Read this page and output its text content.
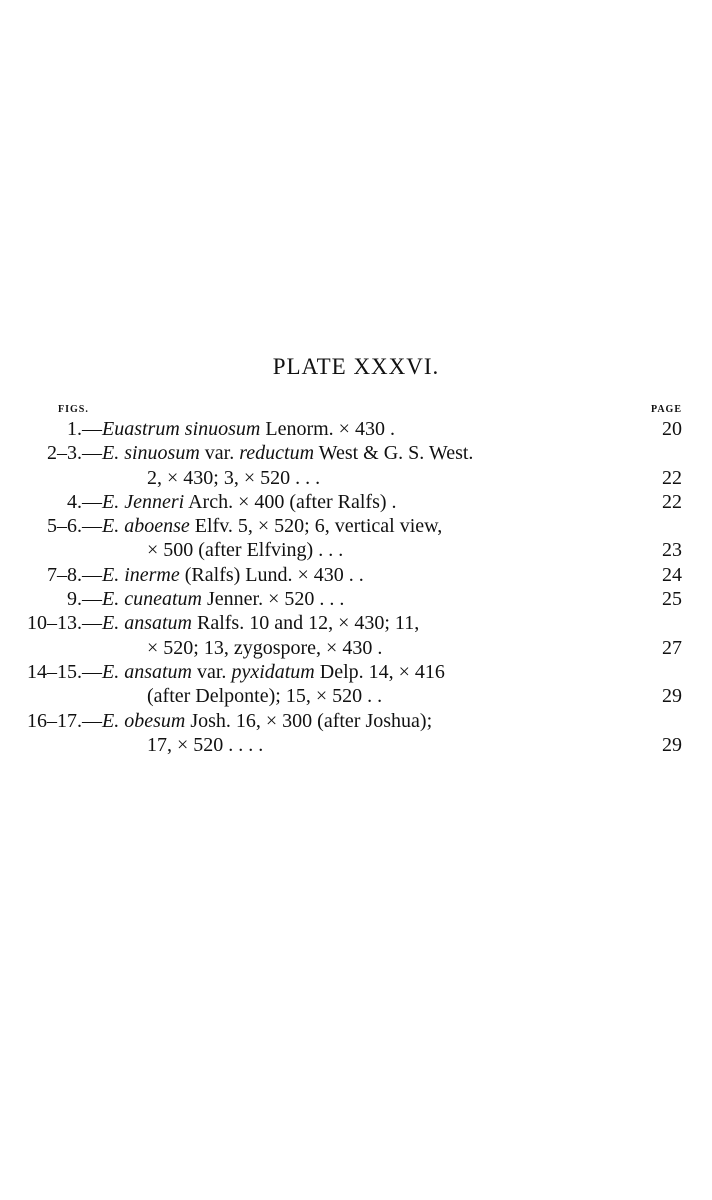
PLATE XXXVI.
FIGS.	PAGE
1.— Euastrum sinuosum Lenorm. × 430 .	20
2–3.— E. sinuosum var. reductum West & G. S. West.
2, × 430; 3, × 520 . . .	22
4.— E. Jenneri Arch. × 400 (after Ralfs) .	22
5–6.— E. aboense Elfv. 5, × 520; 6, vertical view,
× 500 (after Elfving) . . .	23
7–8.— E. inerme (Ralfs) Lund. × 430 . .	24
9.— E. cuneatum Jenner. × 520 . . .	25
10–13.— E. ansatum Ralfs. 10 and 12, × 430; 11,
× 520; 13, zygospore, × 430 .	27
14–15.— E. ansatum var. pyxidatum Delp. 14, × 416
(after Delponte); 15, × 520 . .	29
16–17.— E. obesum Josh. 16, × 300 (after Joshua);
17, × 520 . . . .	29
